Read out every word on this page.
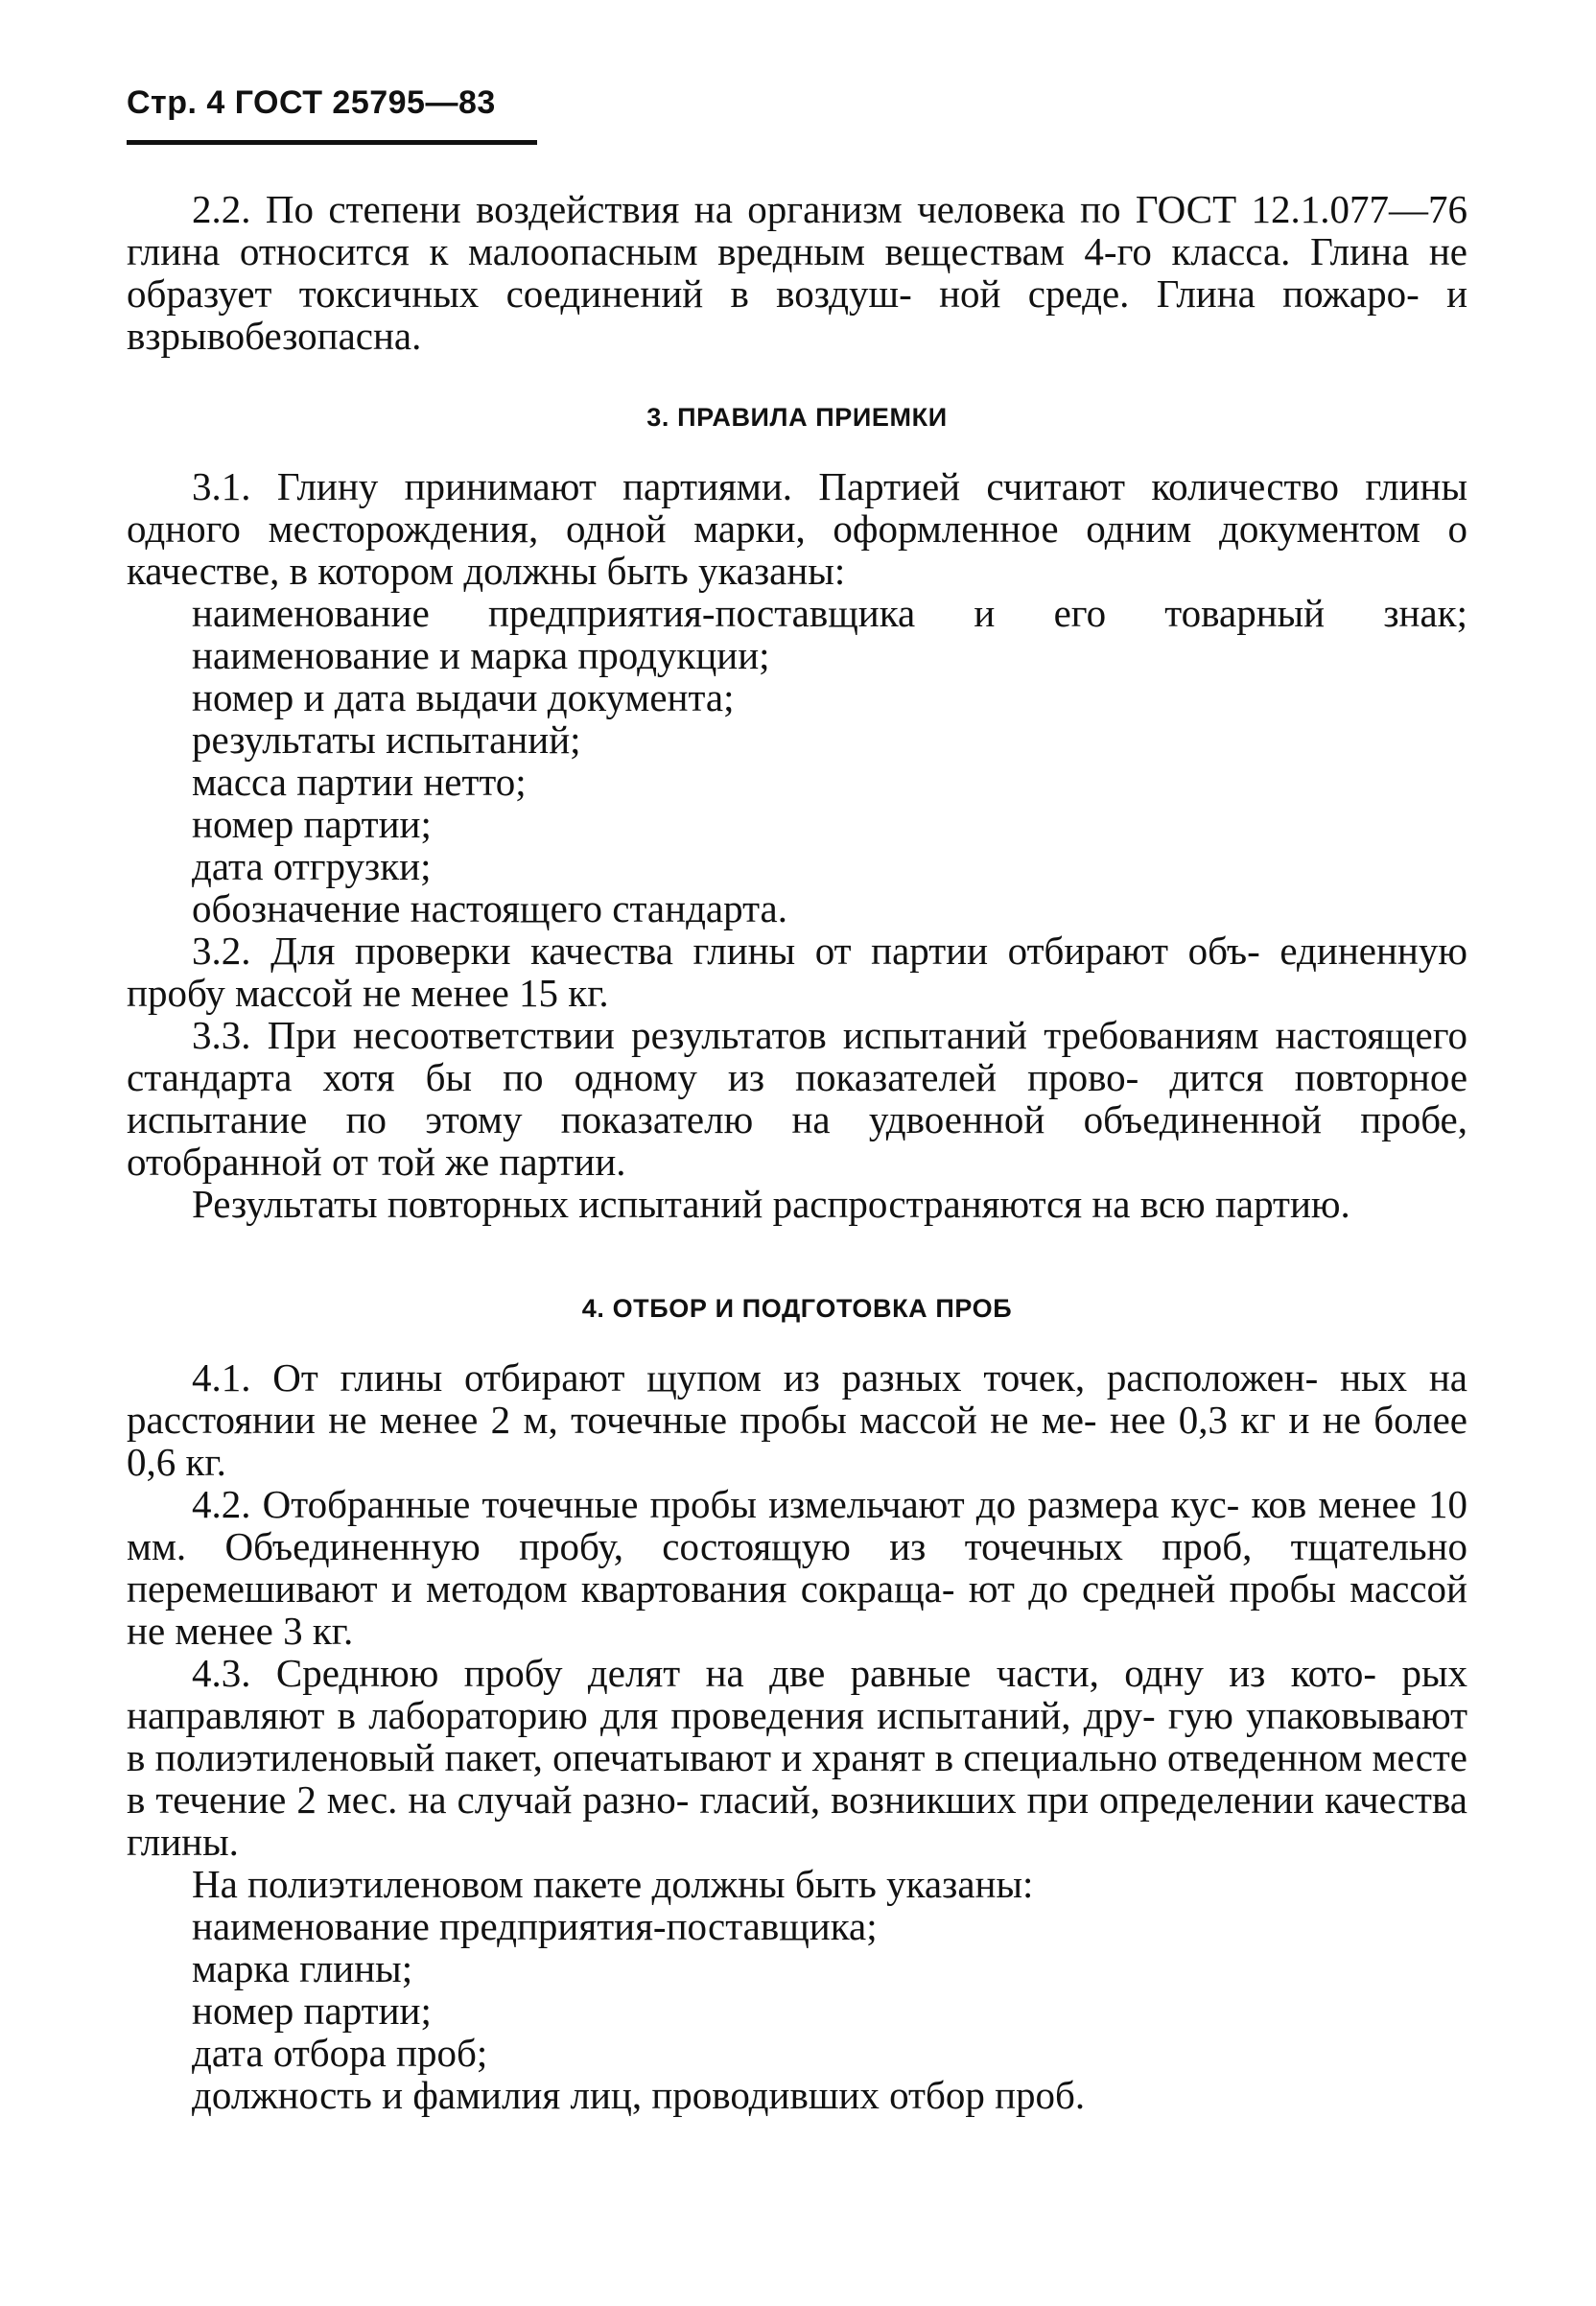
Стр. 4 ГОСТ 25795—83

2.2. По степени воздействия на организм человека по ГОСТ 12.1.077—76 глина относится к малоопасным вредным веществам 4-го класса. Глина не образует токсичных соединений в воздуш- ной среде. Глина пожаро- и взрывобезопасна.

3. ПРАВИЛА ПРИЕМКИ

3.1. Глину принимают партиями. Партией считают количество глины одного месторождения, одной марки, оформленное одним документом о качестве, в котором должны быть указаны:

наименование предприятия-поставщика и его товарный знак;

наименование и марка продукции;

номер и дата выдачи документа;

результаты испытаний;

масса партии нетто;

номер партии;

дата отгрузки;

обозначение настоящего стандарта.

3.2. Для проверки качества глины от партии отбирают объ- единенную пробу массой не менее 15 кг.

3.3. При несоответствии результатов испытаний требованиям настоящего стандарта хотя бы по одному из показателей прово- дится повторное испытание по этому показателю на удвоенной объединенной пробе, отобранной от той же партии.

Результаты повторных испытаний распространяются на всю партию.

4. ОТБОР И ПОДГОТОВКА ПРОБ

4.1. От глины отбирают щупом из разных точек, расположен- ных на расстоянии не менее 2 м, точечные пробы массой не ме- нее 0,3 кг и не более 0,6 кг.

4.2. Отобранные точечные пробы измельчают до размера кус- ков менее 10 мм. Объединенную пробу, состоящую из точечных проб, тщательно перемешивают и методом квартования сокраща- ют до средней пробы массой не менее 3 кг.

4.3. Среднюю пробу делят на две равные части, одну из кото- рых направляют в лабораторию для проведения испытаний, дру- гую упаковывают в полиэтиленовый пакет, опечатывают и хранят в специально отведенном месте в течение 2 мес. на случай разно- гласий, возникших при определении качества глины.

На полиэтиленовом пакете должны быть указаны:

наименование предприятия-поставщика;

марка глины;

номер партии;

дата отбора проб;

должность и фамилия лиц, проводивших отбор проб.
